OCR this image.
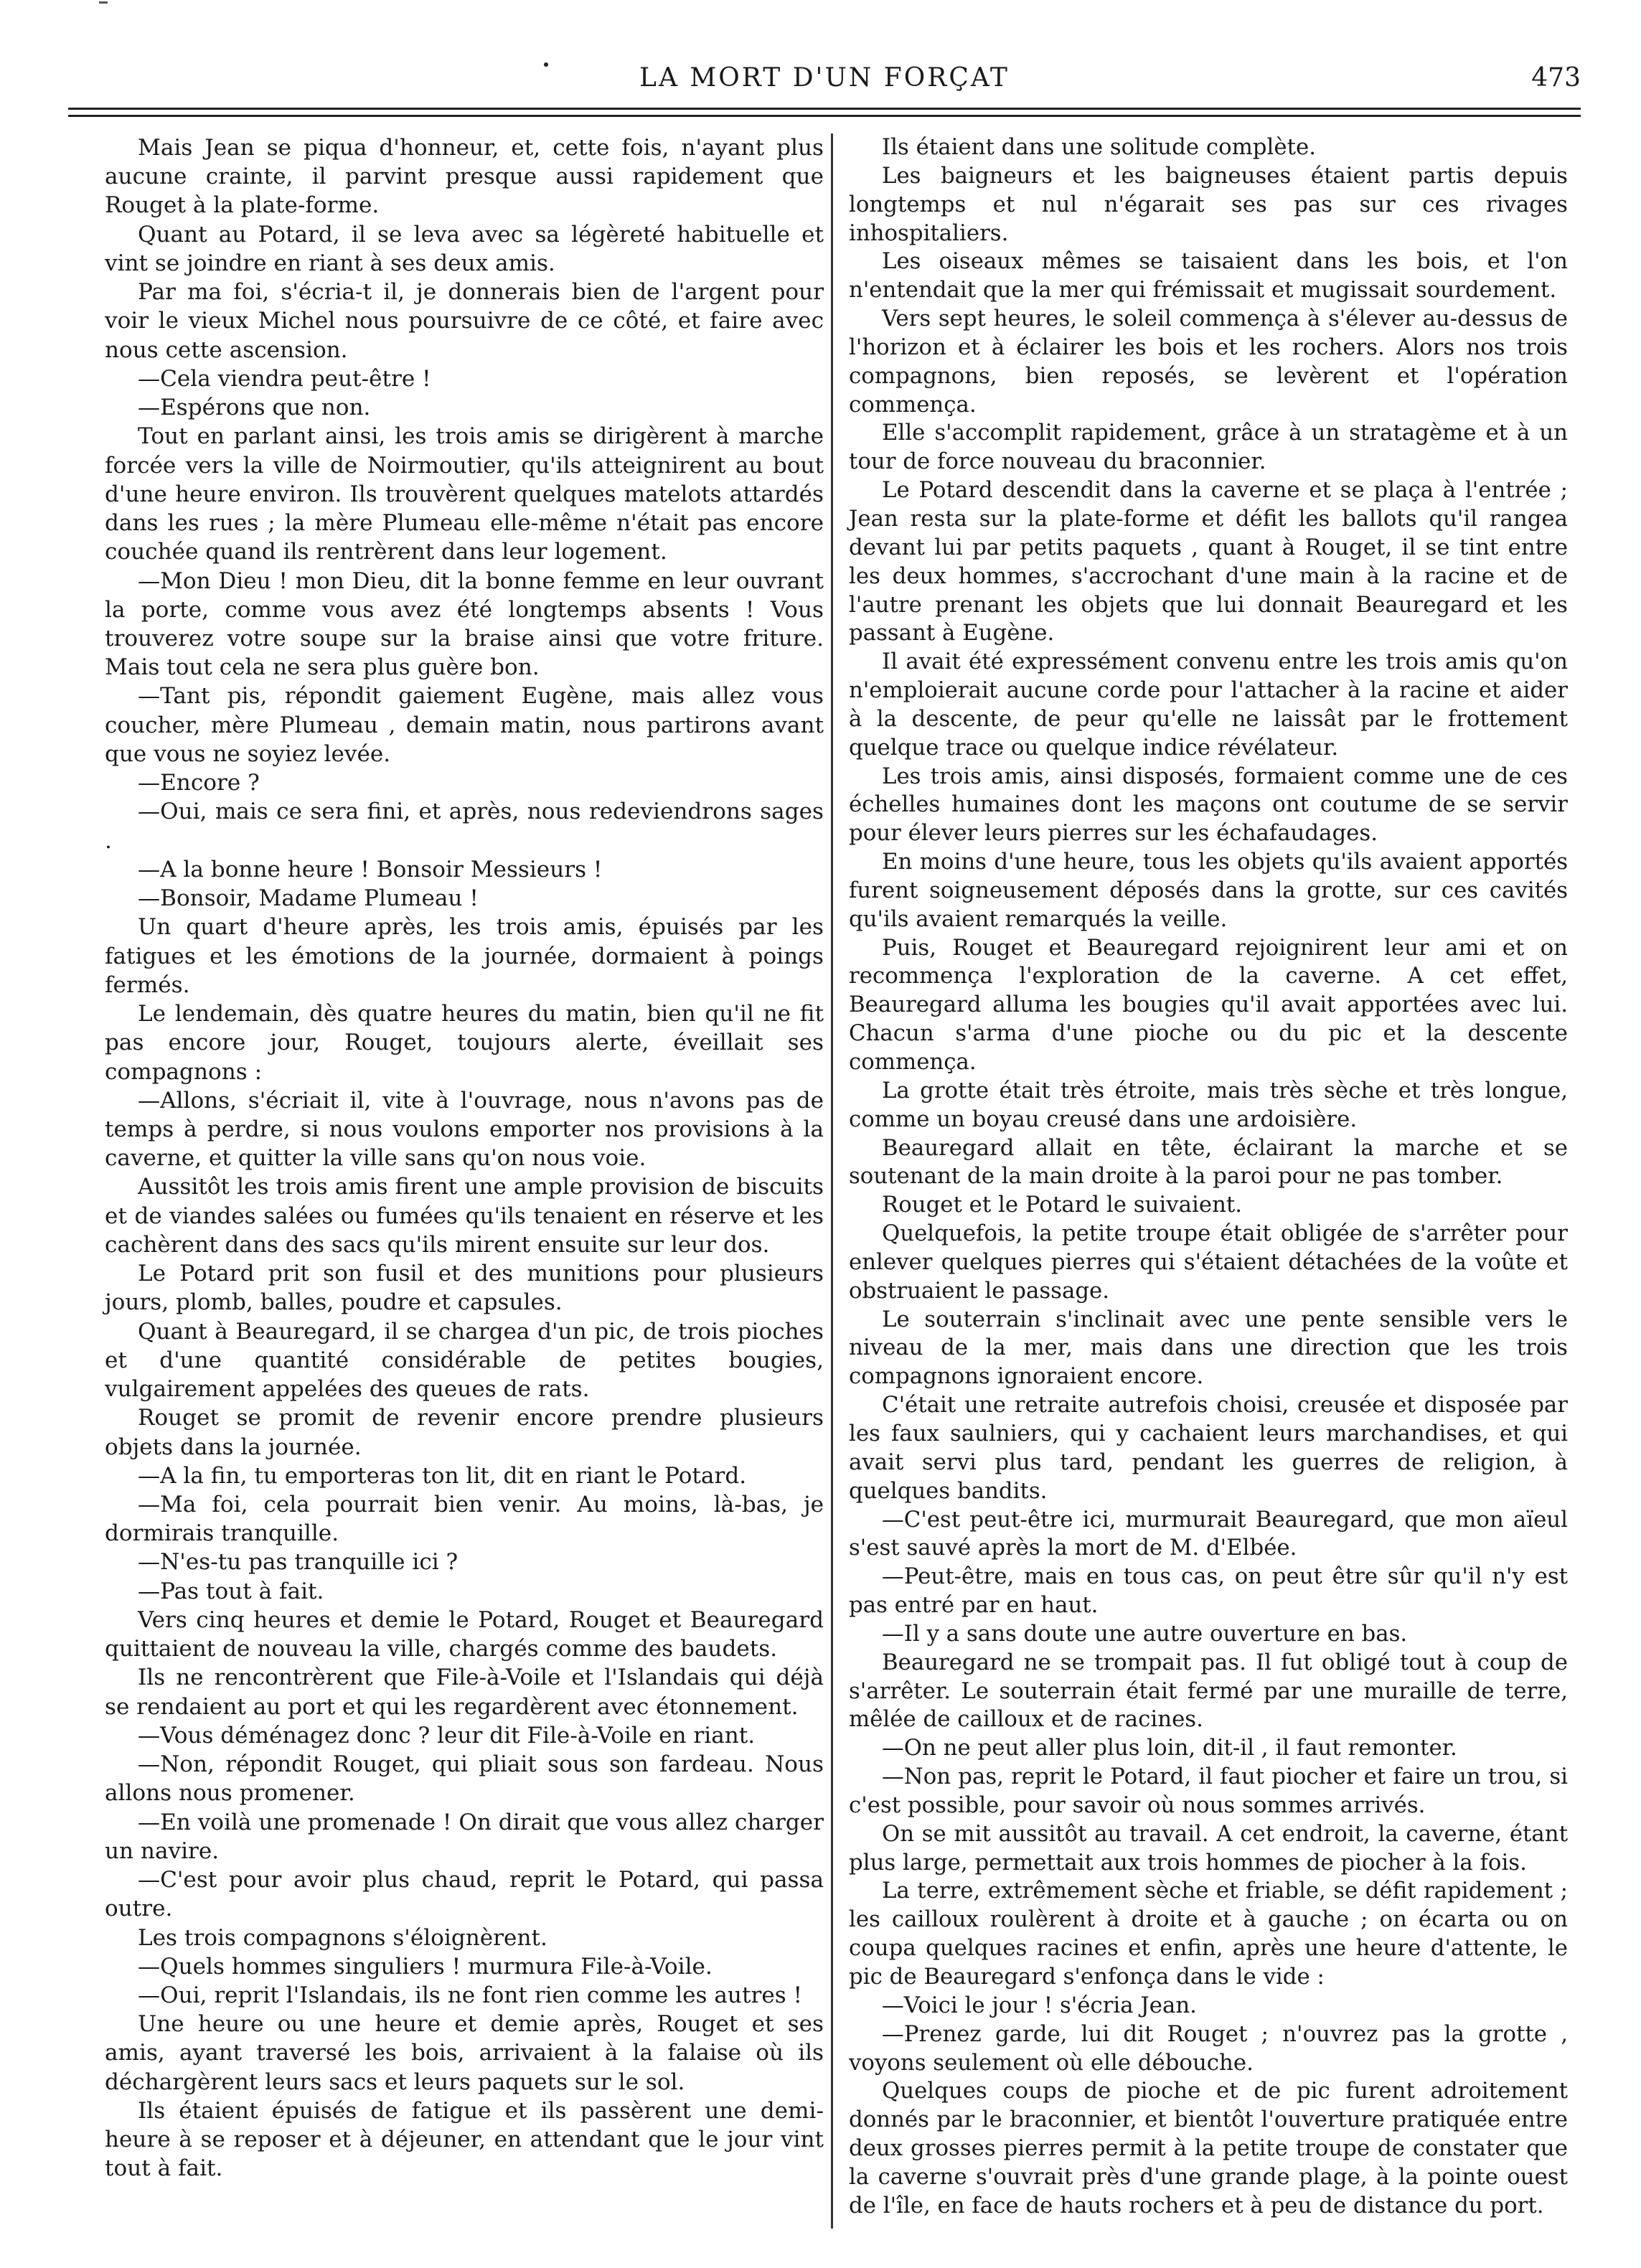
LA MORT D'UN FORÇAT	473

Mais Jean se piqua d'honneur, et, cette fois, n'ayant plus aucune crainte, il parvint presque aussi rapidement que Rouget à la plate-forme.

Quant au Potard, il se leva avec sa légèreté habituelle et vint se joindre en riant à ses deux amis.

Par ma foi, s'écria-t il, je donnerais bien de l'argent pour voir le vieux Michel nous poursuivre de ce côté, et faire avec nous cette ascension.

—Cela viendra peut-être !

—Espérons que non.

Tout en parlant ainsi, les trois amis se dirigèrent à marche forcée vers la ville de Noirmoutier, qu'ils atteignirent au bout d'une heure environ. Ils trouvèrent quelques matelots attardés dans les rues ; la mère Plumeau elle-même n'était pas encore couchée quand ils rentrèrent dans leur logement.

—Mon Dieu ! mon Dieu, dit la bonne femme en leur ouvrant la porte, comme vous avez été longtemps absents ! Vous trouverez votre soupe sur la braise ainsi que votre friture. Mais tout cela ne sera plus guère bon.

—Tant pis, répondit gaiement Eugène, mais allez vous coucher, mère Plumeau , demain matin, nous partirons avant que vous ne soyiez levée.

—Encore ?

—Oui, mais ce sera fini, et après, nous redeviendrons sages .

—A la bonne heure ! Bonsoir Messieurs !

—Bonsoir, Madame Plumeau !

Un quart d'heure après, les trois amis, épuisés par les fatigues et les émotions de la journée, dormaient à poings fermés.

Le lendemain, dès quatre heures du matin, bien qu'il ne fit pas encore jour, Rouget, toujours alerte, éveillait ses compagnons :

—Allons, s'écriait il, vite à l'ouvrage, nous n'avons pas de temps à perdre, si nous voulons emporter nos provisions à la caverne, et quitter la ville sans qu'on nous voie.

Aussitôt les trois amis firent une ample provision de biscuits et de viandes salées ou fumées qu'ils tenaient en réserve et les cachèrent dans des sacs qu'ils mirent ensuite sur leur dos.

Le Potard prit son fusil et des munitions pour plusieurs jours, plomb, balles, poudre et capsules.

Quant à Beauregard, il se chargea d'un pic, de trois pioches et d'une quantité considérable de petites bougies, vulgairement appelées des queues de rats.

Rouget se promit de revenir encore prendre plusieurs objets dans la journée.

—A la fin, tu emporteras ton lit, dit en riant le Potard.

—Ma foi, cela pourrait bien venir. Au moins, là-bas, je dormirais tranquille.

—N'es-tu pas tranquille ici ?

—Pas tout à fait.

Vers cinq heures et demie le Potard, Rouget et Beauregard quittaient de nouveau la ville, chargés comme des baudets.

Ils ne rencontrèrent que File-à-Voile et l'Islandais qui déjà se rendaient au port et qui les regardèrent avec étonnement.

—Vous déménagez donc ? leur dit File-à-Voile en riant.

—Non, répondit Rouget, qui pliait sous son fardeau. Nous allons nous promener.

—En voilà une promenade ! On dirait que vous allez charger un navire.

—C'est pour avoir plus chaud, reprit le Potard, qui passa outre.

Les trois compagnons s'éloignèrent.

—Quels hommes singuliers ! murmura File-à-Voile.

—Oui, reprit l'Islandais, ils ne font rien comme les autres !

Une heure ou une heure et demie après, Rouget et ses amis, ayant traversé les bois, arrivaient à la falaise où ils déchargèrent leurs sacs et leurs paquets sur le sol.

Ils étaient épuisés de fatigue et ils passèrent une demi-heure à se reposer et à déjeuner, en attendant que le jour vint tout à fait.

Ils étaient dans une solitude complète.

Les baigneurs et les baigneuses étaient partis depuis longtemps et nul n'égarait ses pas sur ces rivages inhospitaliers.

Les oiseaux mêmes se taisaient dans les bois, et l'on n'entendait que la mer qui frémissait et mugissait sourdement.

Vers sept heures, le soleil commença à s'élever au-dessus de l'horizon et à éclairer les bois et les rochers. Alors nos trois compagnons, bien reposés, se levèrent et l'opération commença.

Elle s'accomplit rapidement, grâce à un stratagème et à un tour de force nouveau du braconnier.

Le Potard descendit dans la caverne et se plaça à l'entrée ; Jean resta sur la plate-forme et défit les ballots qu'il rangea devant lui par petits paquets , quant à Rouget, il se tint entre les deux hommes, s'accrochant d'une main à la racine et de l'autre prenant les objets que lui donnait Beauregard et les passant à Eugène.

Il avait été expressément convenu entre les trois amis qu'on n'emploierait aucune corde pour l'attacher à la racine et aider à la descente, de peur qu'elle ne laissât par le frottement quelque trace ou quelque indice révélateur.

Les trois amis, ainsi disposés, formaient comme une de ces échelles humaines dont les maçons ont coutume de se servir pour élever leurs pierres sur les échafaudages.

En moins d'une heure, tous les objets qu'ils avaient apportés furent soigneusement déposés dans la grotte, sur ces cavités qu'ils avaient remarqués la veille.

Puis, Rouget et Beauregard rejoignirent leur ami et on recommença l'exploration de la caverne. A cet effet, Beauregard alluma les bougies qu'il avait apportées avec lui. Chacun s'arma d'une pioche ou du pic et la descente commença.

La grotte était très étroite, mais très sèche et très longue, comme un boyau creusé dans une ardoisière.

Beauregard allait en tête, éclairant la marche et se soutenant de la main droite à la paroi pour ne pas tomber.

Rouget et le Potard le suivaient.

Quelquefois, la petite troupe était obligée de s'arrêter pour enlever quelques pierres qui s'étaient détachées de la voûte et obstruaient le passage.

Le souterrain s'inclinait avec une pente sensible vers le niveau de la mer, mais dans une direction que les trois compagnons ignoraient encore.

C'était une retraite autrefois choisi, creusée et disposée par les faux saulniers, qui y cachaient leurs marchandises, et qui avait servi plus tard, pendant les guerres de religion, à quelques bandits.

—C'est peut-être ici, murmurait Beauregard, que mon aïeul s'est sauvé après la mort de M. d'Elbée.

—Peut-être, mais en tous cas, on peut être sûr qu'il n'y est pas entré par en haut.

—Il y a sans doute une autre ouverture en bas.

Beauregard ne se trompait pas. Il fut obligé tout à coup de s'arrêter. Le souterrain était fermé par une muraille de terre, mêlée de cailloux et de racines.

—On ne peut aller plus loin, dit-il , il faut remonter.

—Non pas, reprit le Potard, il faut piocher et faire un trou, si c'est possible, pour savoir où nous sommes arrivés.

On se mit aussitôt au travail. A cet endroit, la caverne, étant plus large, permettait aux trois hommes de piocher à la fois.

La terre, extrêmement sèche et friable, se défit rapidement ; les cailloux roulèrent à droite et à gauche ; on écarta ou on coupa quelques racines et enfin, après une heure d'attente, le pic de Beauregard s'enfonça dans le vide :

—Voici le jour ! s'écria Jean.

—Prenez garde, lui dit Rouget ; n'ouvrez pas la grotte , voyons seulement où elle débouche.

Quelques coups de pioche et de pic furent adroitement donnés par le braconnier, et bientôt l'ouverture pratiquée entre deux grosses pierres permit à la petite troupe de constater que la caverne s'ouvrait près d'une grande plage, à la pointe ouest de l'île, en face de hauts rochers et à peu de distance du port.
